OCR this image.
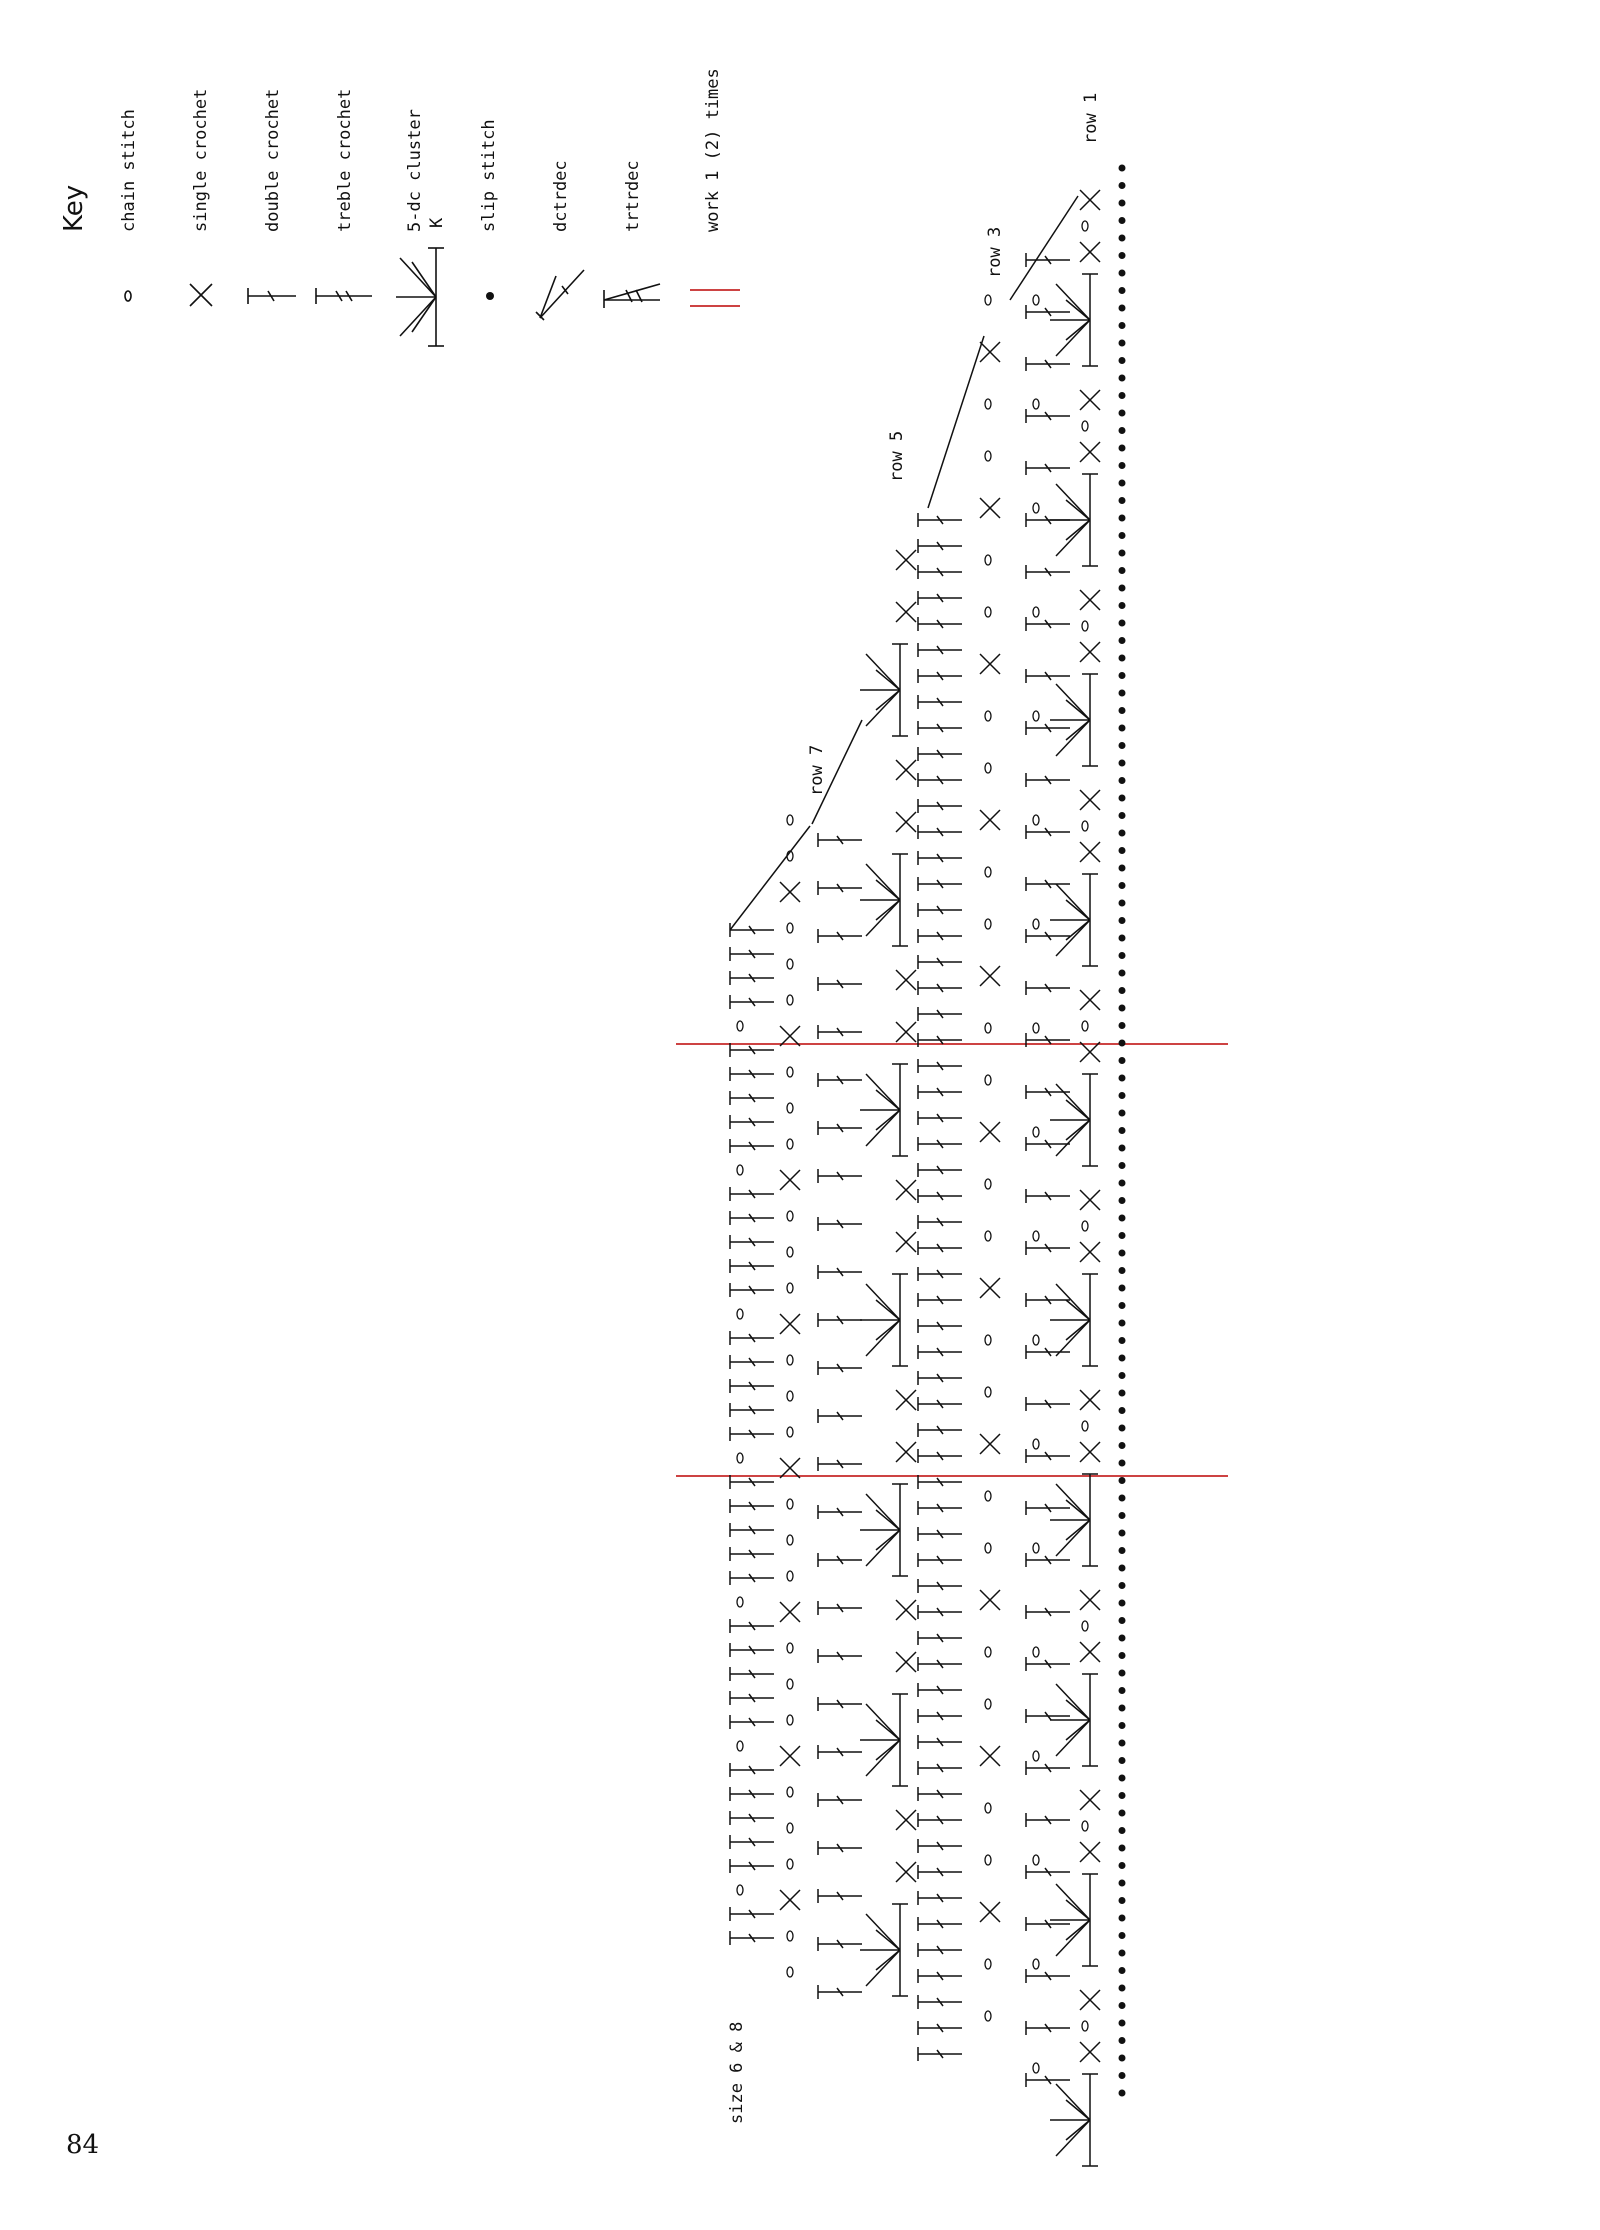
84
Key chain stitch	single crochet	double crochet	treble crochet	5-dc cluster K slip stitch	dctrdec	trtrdec	work 1 (2) times
size 6 & 8
row 1
row 3
row 5
row 7
